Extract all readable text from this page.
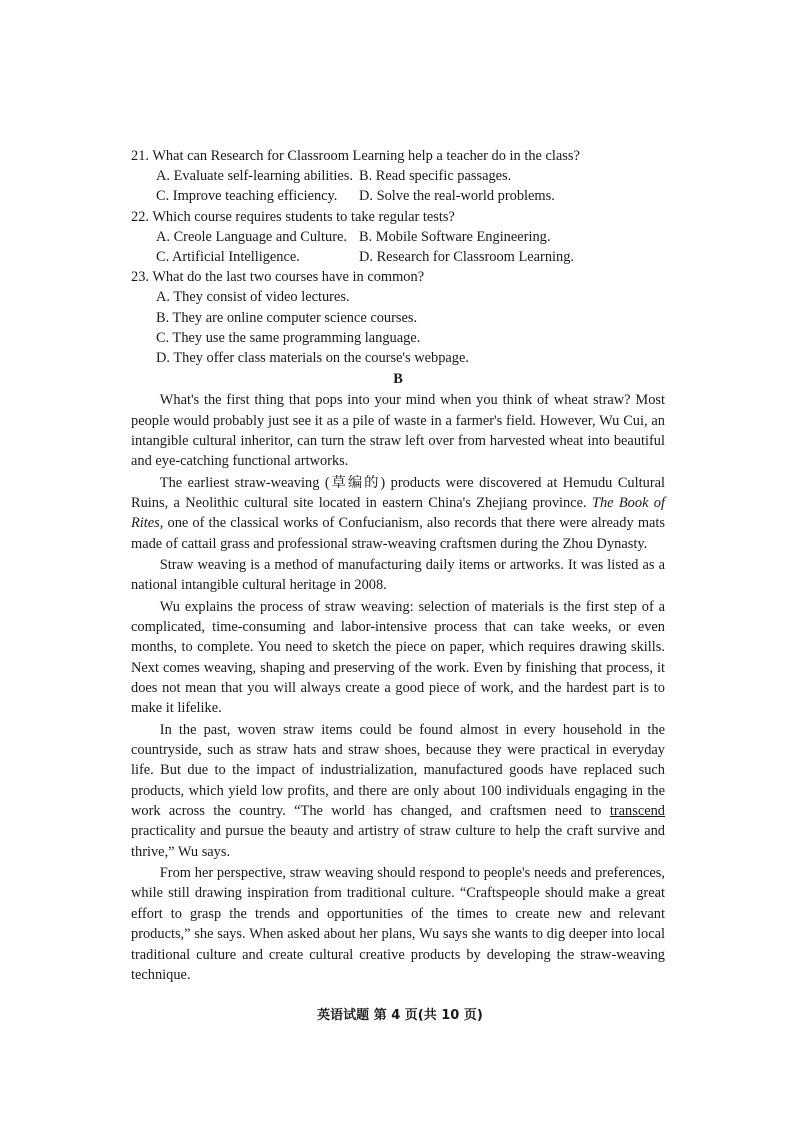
21. What can Research for Classroom Learning help a teacher do in the class?
A. Evaluate self-learning abilities. B. Read specific passages.
C. Improve teaching efficiency.	D. Solve the real-world problems.
22. Which course requires students to take regular tests?
A. Creole Language and Culture. B. Mobile Software Engineering.
C. Artificial Intelligence.	D. Research for Classroom Learning.
23. What do the last two courses have in common?
A. They consist of video lectures.
B. They are online computer science courses.
C. They use the same programming language.
D. They offer class materials on the course's webpage.
B

What's the first thing that pops into your mind when you think of wheat straw? Most people would probably just see it as a pile of waste in a farmer's field. However, Wu Cui, an intangible cultural inheritor, can turn the straw left over from harvested wheat into beautiful and eye-catching functional artworks.

The earliest straw-weaving (草编的) products were discovered at Hemudu Cultural Ruins, a Neolithic cultural site located in eastern China's Zhejiang province. The Book of Rites, one of the classical works of Confucianism, also records that there were already mats made of cattail grass and professional straw-weaving craftsmen during the Zhou Dynasty.

Straw weaving is a method of manufacturing daily items or artworks. It was listed as a national intangible cultural heritage in 2008.

Wu explains the process of straw weaving: selection of materials is the first step of a complicated, time-consuming and labor-intensive process that can take weeks, or even months, to complete. You need to sketch the piece on paper, which requires drawing skills. Next comes weaving, shaping and preserving of the work. Even by finishing that process, it does not mean that you will always create a good piece of work, and the hardest part is to make it lifelike.

In the past, woven straw items could be found almost in every household in the countryside, such as straw hats and straw shoes, because they were practical in everyday life. But due to the impact of industrialization, manufactured goods have replaced such products, which yield low profits, and there are only about 100 individuals engaging in the work across the country. “The world has changed, and craftsmen need to transcend practicality and pursue the beauty and artistry of straw culture to help the craft survive and thrive,” Wu says.

From her perspective, straw weaving should respond to people's needs and preferences, while still drawing inspiration from traditional culture. “Craftspeople should make a great effort to grasp the trends and opportunities of the times to create new and relevant products,” she says. When asked about her plans, Wu says she wants to dig deeper into local traditional culture and create cultural creative products by developing the straw-weaving technique.

英语试题 第 4 页(共 10 页)
